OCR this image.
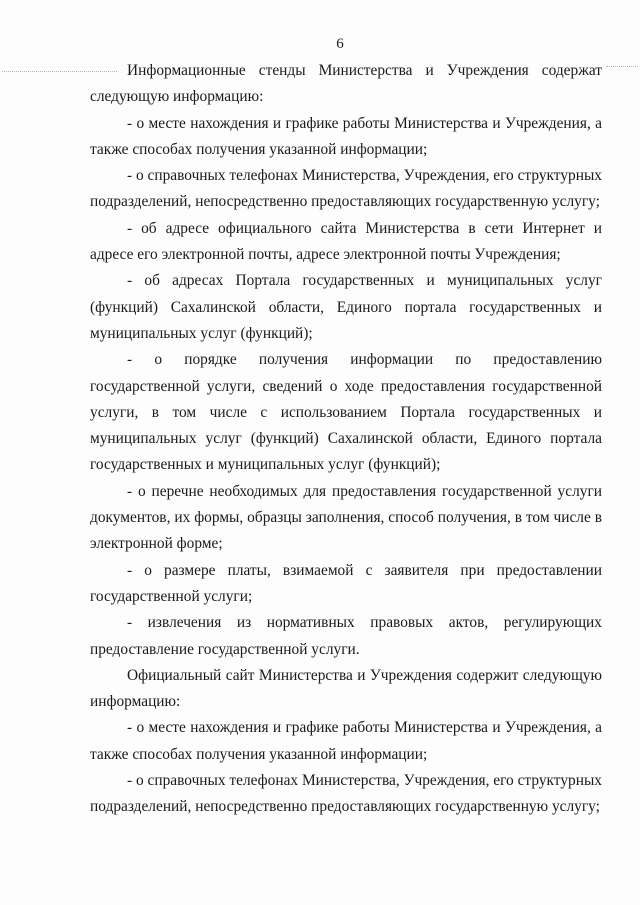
6

Информационные стенды Министерства и Учреждения содержат следующую информацию:

- о месте нахождения и графике работы Министерства и Учреждения, а также способах получения указанной информации;

- о справочных телефонах Министерства, Учреждения, его структурных подразделений, непосредственно предоставляющих государственную услугу;

- об адресе официального сайта Министерства в сети Интернет и адресе его электронной почты, адресе электронной почты Учреждения;

- об адресах Портала государственных и муниципальных услуг (функций) Сахалинской области, Единого портала государственных и муниципальных услуг (функций);

- о порядке получения информации по предоставлению государственной услуги, сведений о ходе предоставления государственной услуги, в том числе с использованием Портала государственных и муниципальных услуг (функций) Сахалинской области, Единого портала государственных и муниципальных услуг (функций);

- о перечне необходимых для предоставления государственной услуги документов, их формы, образцы заполнения, способ получения, в том числе в электронной форме;

- о размере платы, взимаемой с заявителя при предоставлении государственной услуги;

- извлечения из нормативных правовых актов, регулирующих предоставление государственной услуги.

Официальный сайт Министерства и Учреждения содержит следующую информацию:

- о месте нахождения и графике работы Министерства и Учреждения, а также способах получения указанной информации;

- о справочных телефонах Министерства, Учреждения, его структурных подразделений, непосредственно предоставляющих государственную услугу;
